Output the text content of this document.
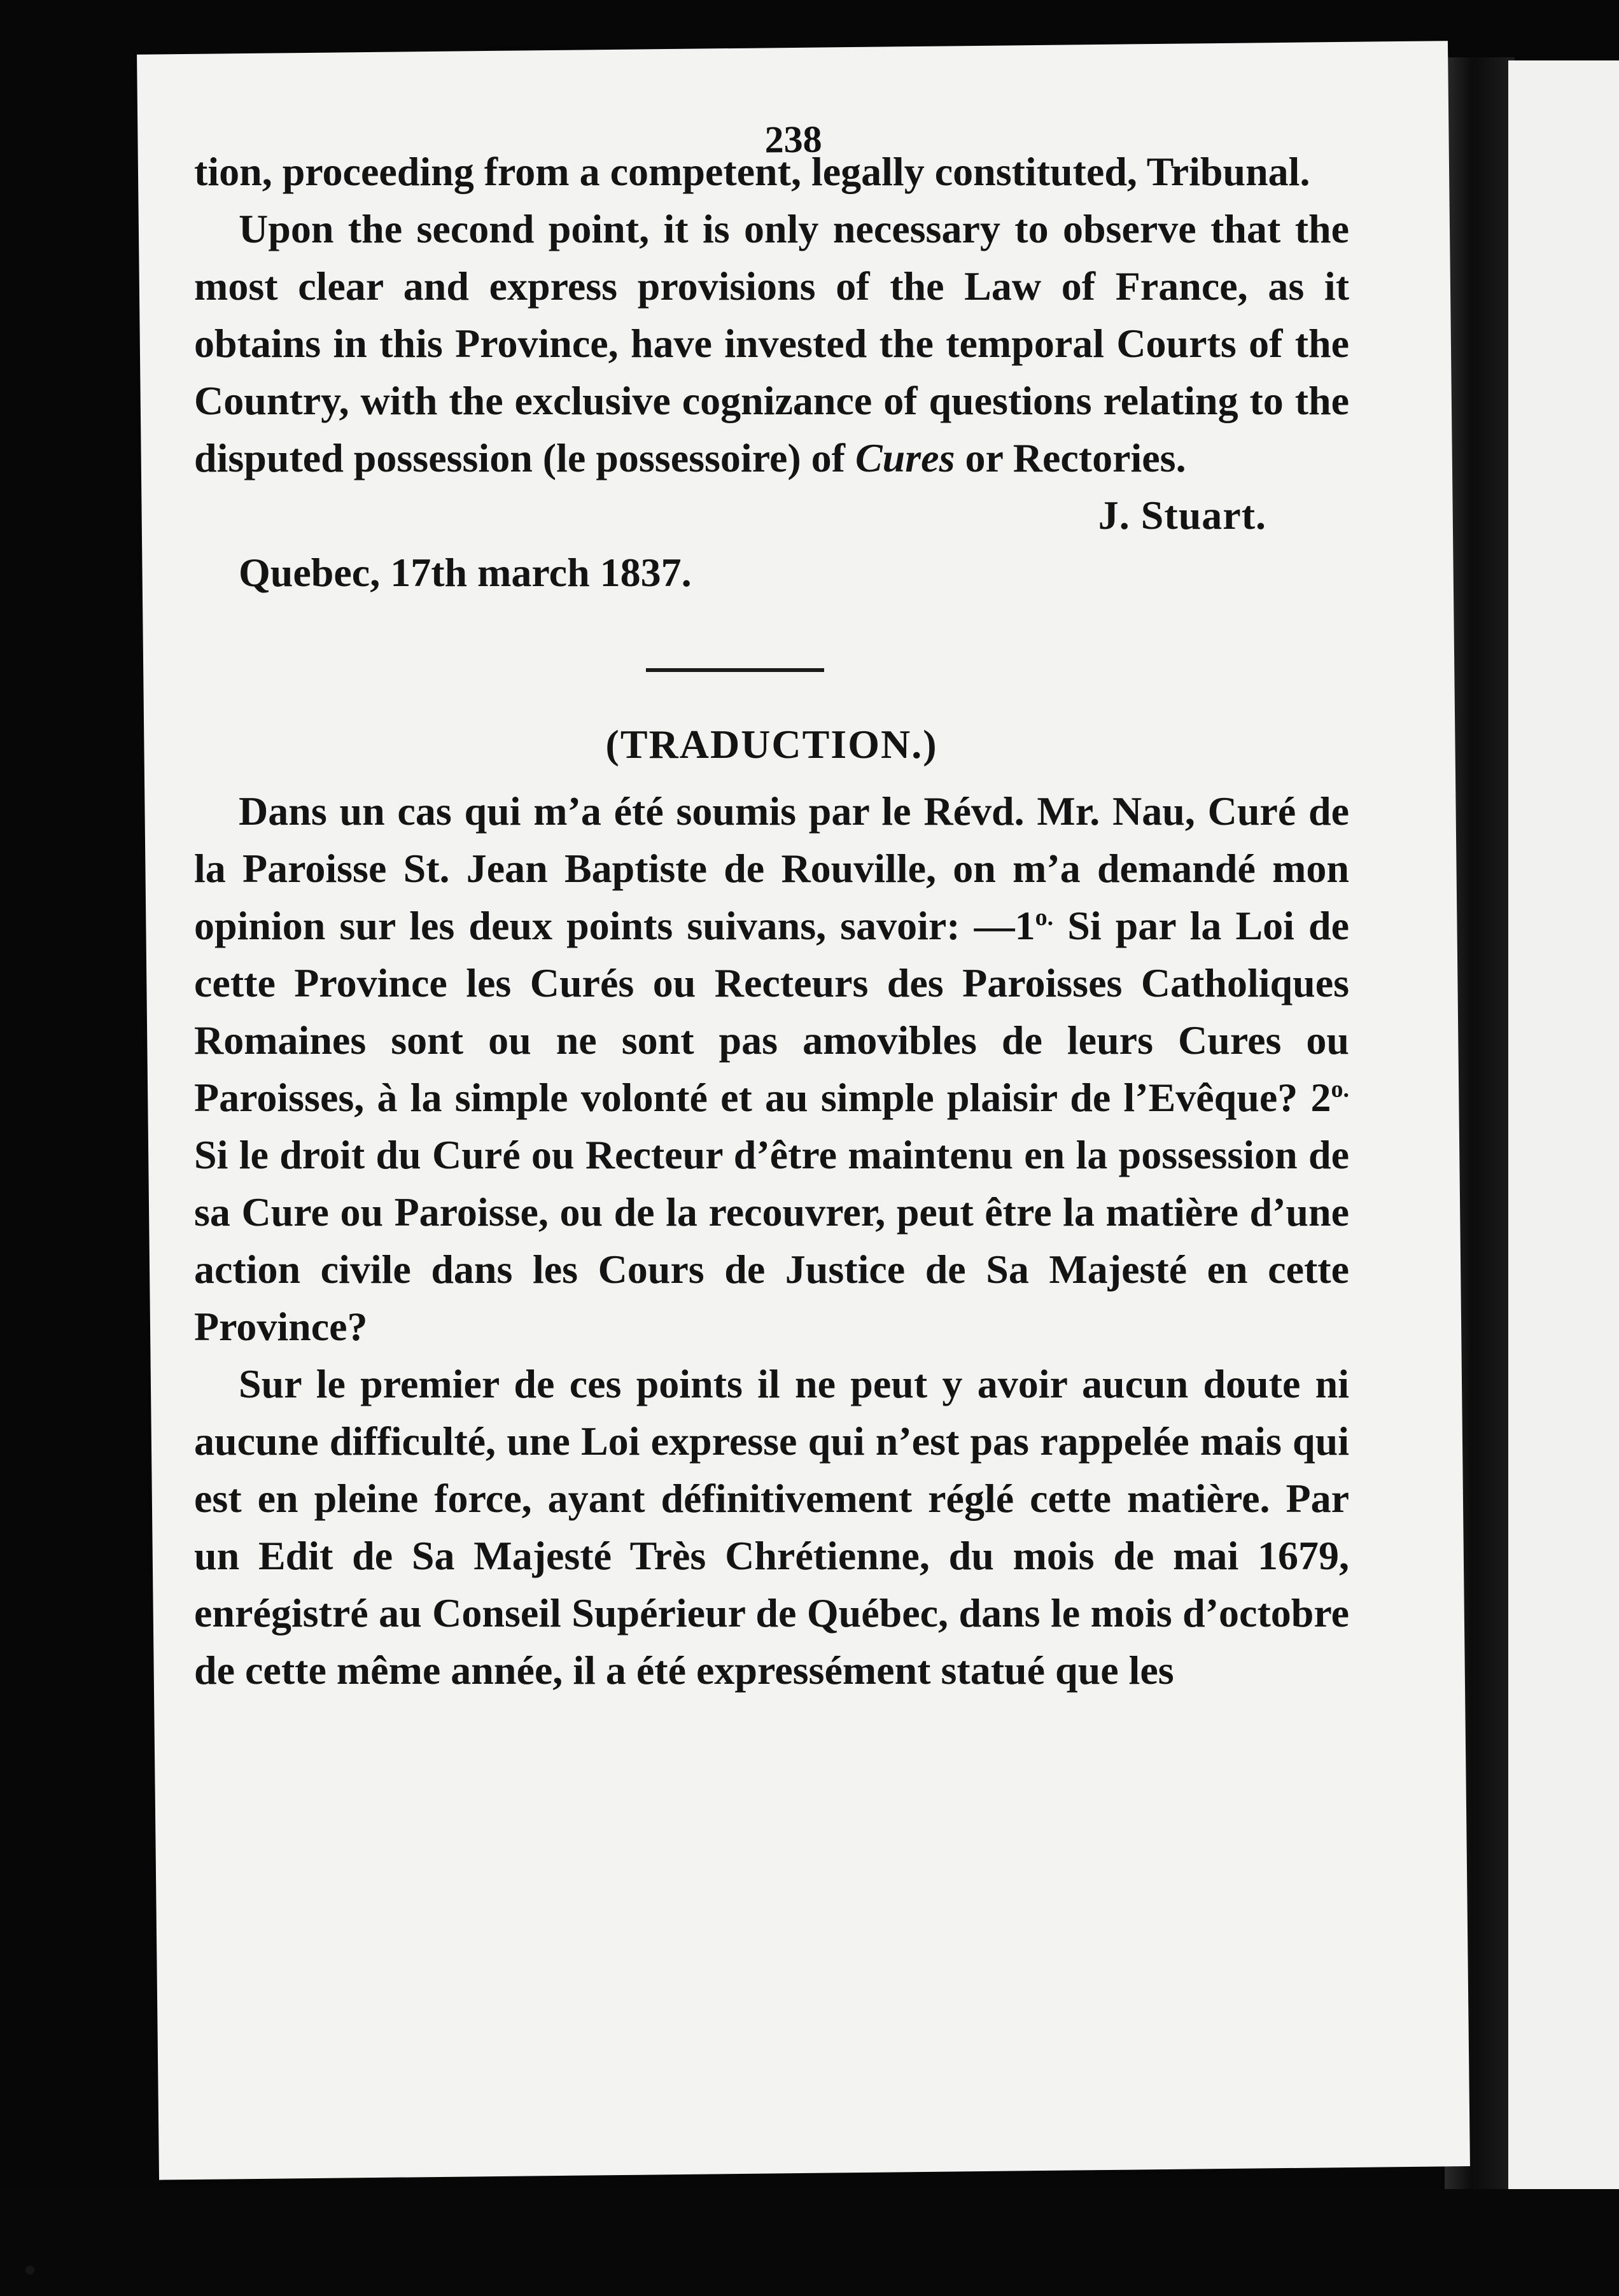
238

tion, proceeding from a competent, legally constituted, Tribunal.

Upon the second point, it is only necessary to observe that the most clear and express provisions of the Law of France, as it obtains in this Province, have invested the temporal Courts of the Country, with the exclusive cognizance of questions relating to the disputed possession (le possessoire) of Cures or Rectories.

J. Stuart.

Quebec, 17th march 1837.

(TRADUCTION.)

Dans un cas qui m’a été soumis par le Révd. Mr. Nau, Curé de la Paroisse St. Jean Baptiste de Rouville, on m’a demandé mon opinion sur les deux points suivans, savoir: $—1^{o.}$ Si par la Loi de cette Province les Curés ou Recteurs des Paroisses Catholiques Romaines sont ou ne sont pas amovibles de leurs Cures ou Paroisses, à la simple volonté et au simple plaisir de l’Evêque? $2^{o.}$ Si le droit du Curé ou Recteur d’être maintenu en la possession de sa Cure ou Paroisse, ou de la recouvrer, peut être la matière d’une action civile dans les Cours de Justice de Sa Majesté en cette Province?

Sur le premier de ces points il ne peut y avoir aucun doute ni aucune difficulté, une Loi expresse qui n’est pas rappelée mais qui est en pleine force, ayant définitivement réglé cette matière. Par un Edit de Sa Majesté Très Chrétienne, du mois de mai 1679, enrégistré au Conseil Supérieur de Québec, dans le mois d’octobre de cette même année, il a été expressément statué que les
